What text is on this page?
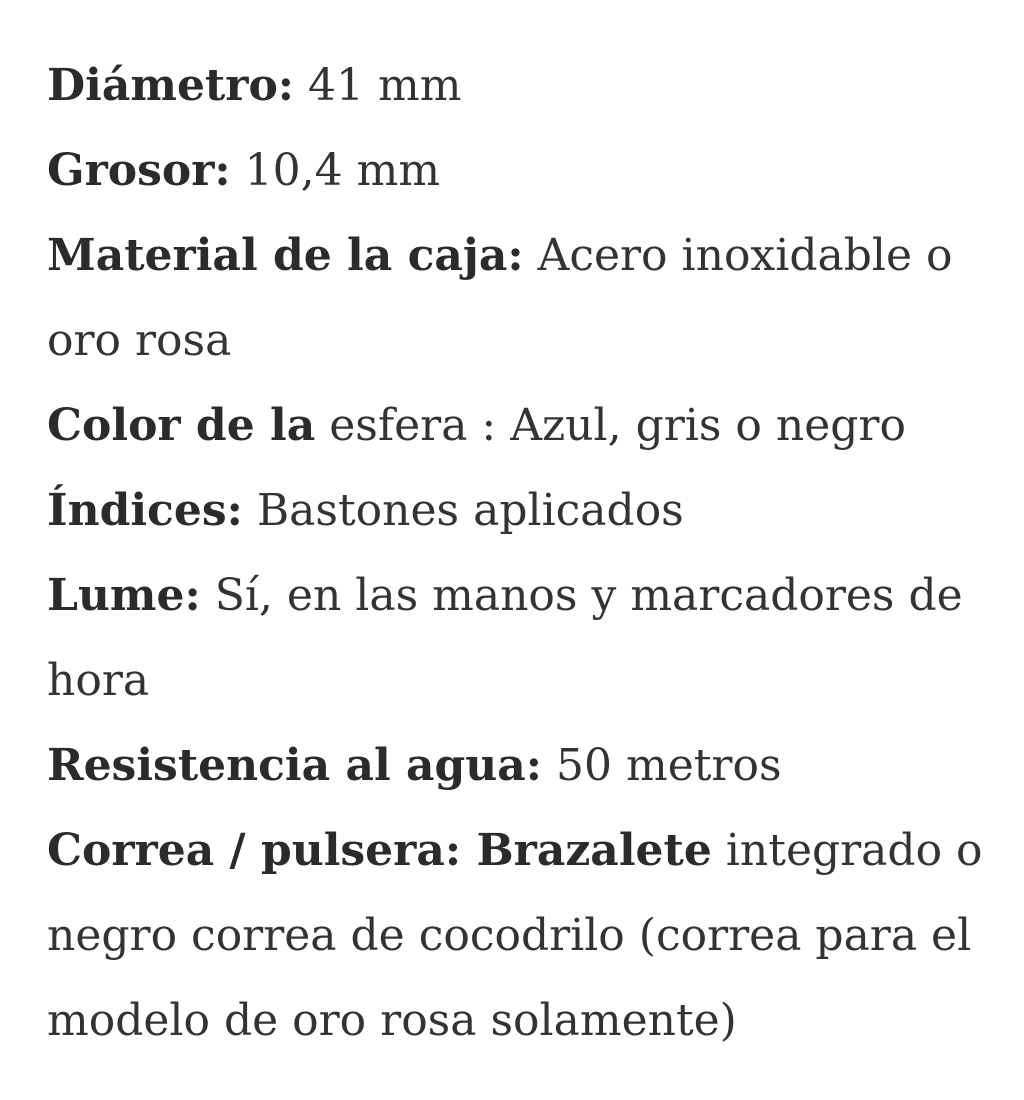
Diámetro: 41 mm

Grosor: 10,4 mm

Material de la caja: Acero inoxidable o oro rosa

Color de la esfera : Azul, gris o negro

Índices: Bastones aplicados

Lume: Sí, en las manos y marcadores de hora

Resistencia al agua: 50 metros

Correa / pulsera: Brazalete integrado o negro correa de cocodrilo (correa para el modelo de oro rosa solamente)
